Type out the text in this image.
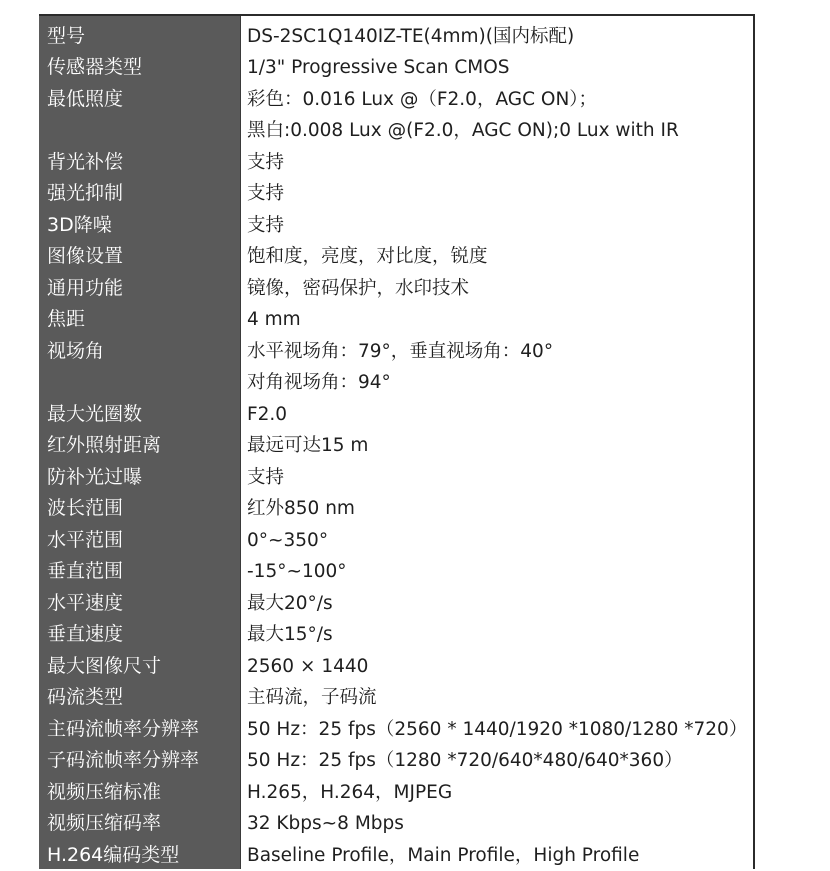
型号	DS-2SC1Q140IZ-TE(4mm)(国内标配)
传感器类型	1/3" Progressive Scan CMOS
最低照度	彩色：0.016 Lux @（F2.0，AGC ON）；
黑白:0.008 Lux @(F2.0，AGC ON);0 Lux with IR
背光补偿	支持
强光抑制	支持
3D降噪	支持
图像设置	饱和度，亮度，对比度，锐度
通用功能	镜像，密码保护，水印技术
焦距	4 mm
视场角	水平视场角：79°，垂直视场角：40°
对角视场角：94°
最大光圈数	F2.0
红外照射距离	最远可达15 m
防补光过曝	支持
波长范围	红外850 nm
水平范围	0°~350°
垂直范围	-15°~100°
水平速度	最大20°/s
垂直速度	最大15°/s
最大图像尺寸	2560 × 1440
码流类型	主码流，子码流
主码流帧率分辨率	50 Hz：25 fps（2560 * 1440/1920 *1080/1280 *720）
子码流帧率分辨率	50 Hz：25 fps（1280 *720/640*480/640*360）
视频压缩标准	H.265，H.264，MJPEG
视频压缩码率	32 Kbps~8 Mbps
H.264编码类型	Baseline Profile，Main Profile，High Profile
